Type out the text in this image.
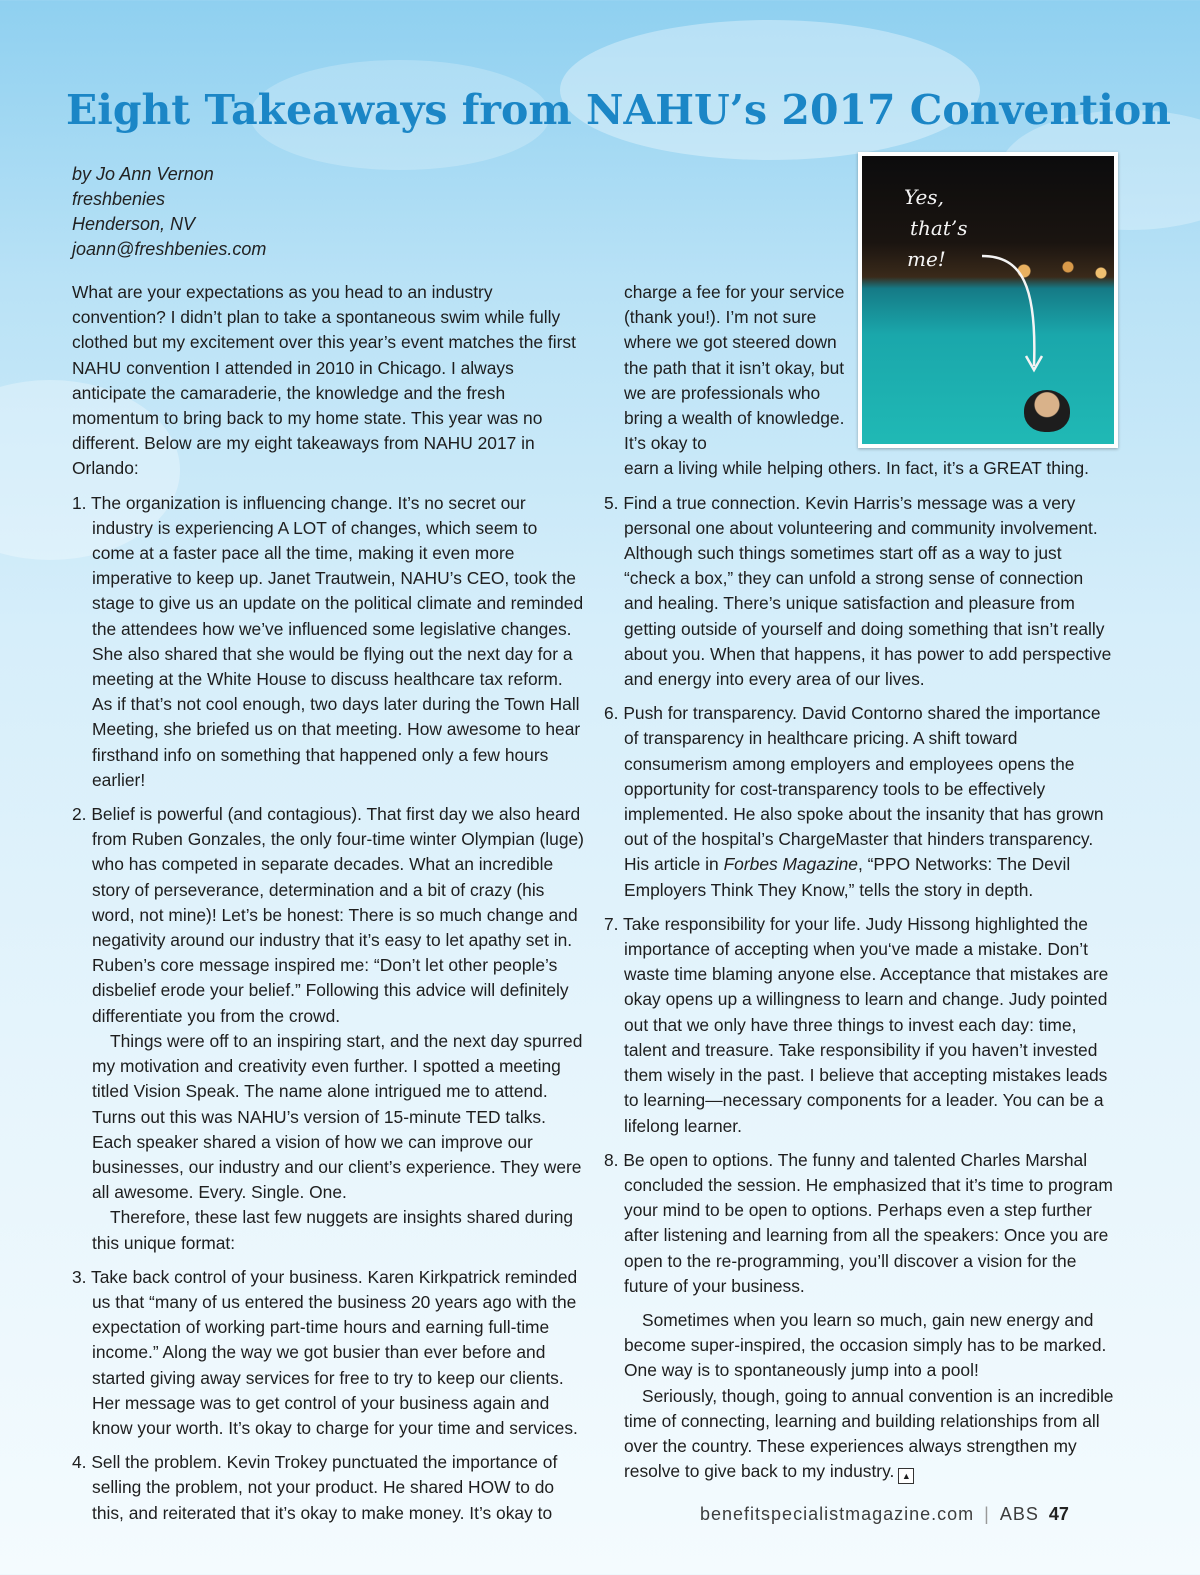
Eight Takeaways from NAHU’s 2017 Convention
by Jo Ann Vernon
freshbenies
Henderson, NV
joann@freshbenies.com
Yes,
that’s
me!

What are your expectations as you head to an industry convention? I didn’t plan to take a spontaneous swim while fully clothed but my excitement over this year’s event matches the first NAHU convention I attended in 2010 in Chicago. I always anticipate the camaraderie, the knowledge and the fresh momentum to bring back to my home state. This year was no different. Below are my eight takeaways from NAHU 2017 in Orlando:

1. The organization is influencing change. It’s no secret our industry is experiencing A LOT of changes, which seem to come at a faster pace all the time, making it even more imperative to keep up. Janet Trautwein, NAHU’s CEO, took the stage to give us an update on the political climate and reminded the attendees how we’ve influenced some legislative changes. She also shared that she would be flying out the next day for a meeting at the White House to discuss healthcare tax reform. As if that’s not cool enough, two days later during the Town Hall Meeting, she briefed us on that meeting. How awesome to hear firsthand info on something that happened only a few hours earlier!

2. Belief is powerful (and contagious). That first day we also heard from Ruben Gonzales, the only four-time winter Olympian (luge) who has competed in separate decades. What an incredible story of perseverance, determination and a bit of crazy (his word, not mine)! Let’s be honest: There is so much change and negativity around our industry that it’s easy to let apathy set in. Ruben’s core message inspired me: “Don’t let other people’s disbelief erode your belief.” Following this advice will definitely differentiate you from the crowd.

Things were off to an inspiring start, and the next day spurred my motivation and creativity even further. I spotted a meeting titled Vision Speak. The name alone intrigued me to attend. Turns out this was NAHU’s version of 15-minute TED talks. Each speaker shared a vision of how we can improve our businesses, our industry and our client’s experience. They were all awesome. Every. Single. One.

Therefore, these last few nuggets are insights shared during this unique format:

3. Take back control of your business. Karen Kirkpatrick reminded us that “many of us entered the business 20 years ago with the expectation of working part-time hours and earning full-time income.” Along the way we got busier than ever before and started giving away services for free to try to keep our clients. Her message was to get control of your business again and know your worth. It’s okay to charge for your time and services.

4. Sell the problem. Kevin Trokey punctuated the importance of selling the problem, not your product. He shared HOW to do this, and reiterated that it’s okay to make money. It’s okay to

charge a fee for your service (thank you!). I’m not sure where we got steered down the path that it isn’t okay, but we are professionals who bring a wealth of knowledge. It’s okay to

earn a living while helping others. In fact, it’s a GREAT thing.

5. Find a true connection. Kevin Harris’s message was a very personal one about volunteering and community involvement. Although such things sometimes start off as a way to just “check a box,” they can unfold a strong sense of connection and healing. There’s unique satisfaction and pleasure from getting outside of yourself and doing something that isn’t really about you. When that happens, it has power to add perspective and energy into every area of our lives.

6. Push for transparency. David Contorno shared the importance of transparency in healthcare pricing. A shift toward consumerism among employers and employees opens the opportunity for cost-transparency tools to be effectively implemented. He also spoke about the insanity that has grown out of the hospital’s ChargeMaster that hinders transparency. His article in Forbes Magazine, “PPO Networks: The Devil Employers Think They Know,” tells the story in depth.

7. Take responsibility for your life. Judy Hissong highlighted the importance of accepting when you‘ve made a mistake. Don’t waste time blaming anyone else. Acceptance that mistakes are okay opens up a willingness to learn and change. Judy pointed out that we only have three things to invest each day: time, talent and treasure. Take responsibility if you haven’t invested them wisely in the past. I believe that accepting mistakes leads to learning—necessary components for a leader. You can be a lifelong learner.

8. Be open to options. The funny and talented Charles Marshal concluded the session. He emphasized that it’s time to program your mind to be open to options. Perhaps even a step further after listening and learning from all the speakers: Once you are open to the re-programming, you’ll discover a vision for the future of your business.

Sometimes when you learn so much, gain new energy and become super-inspired, the occasion simply has to be marked. One way is to spontaneously jump into a pool!

Seriously, though, going to annual convention is an incredible time of connecting, learning and building relationships from all over the country. These experiences always strengthen my resolve to give back to my industry. ▲

benefitspecialistmagazine.com | ABS 47
